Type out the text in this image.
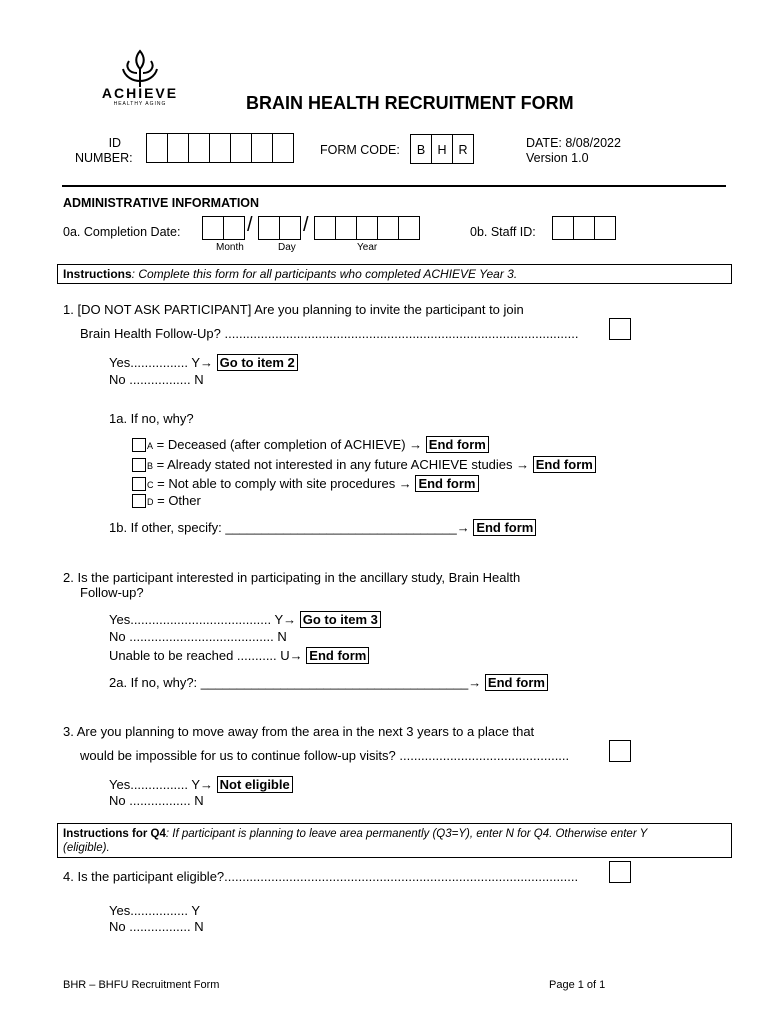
ACHIEVE
HEALTHY AGING	BRAIN HEALTH RECRUITMENT FORM
ID
NUMBER:
FORM CODE:	B H R	DATE: 8/08/2022
Version 1.0
ADMINISTRATIVE INFORMATION
0a. Completion Date:	/	/
Month	Day	Year
0b. Staff ID:
Instructions: Complete this form for all participants who completed ACHIEVE Year 3.
1. [DO NOT ASK PARTICIPANT] Are you planning to invite the participant to join
Brain Health Follow-Up? ..................................................................................................
Yes................ Y→ Go to item 2
No ................. N
1a. If no, why?
A = Deceased (after completion of ACHIEVE) → End form
B = Already stated not interested in any future ACHIEVE studies → End form
C = Not able to comply with site procedures → End form
D = Other
1b. If other, specify: ________________________________→ End form
2. Is the participant interested in participating in the ancillary study, Brain Health
Follow-up?
Yes....................................... Y→ Go to item 3
No ........................................ N
Unable to be reached ........... U→ End form
2a. If no, why?: _____________________________________→ End form
3. Are you planning to move away from the area in the next 3 years to a place that
would be impossible for us to continue follow-up visits? ...............................................
Yes................ Y→ Not eligible
No ................. N
Instructions for Q4: If participant is planning to leave area permanently (Q3=Y), enter N for Q4. Otherwise enter Y
(eligible).
4. Is the participant eligible?..................................................................................................
Yes................ Y
No ................. N
BHR – BHFU Recruitment Form	Page 1 of 1
